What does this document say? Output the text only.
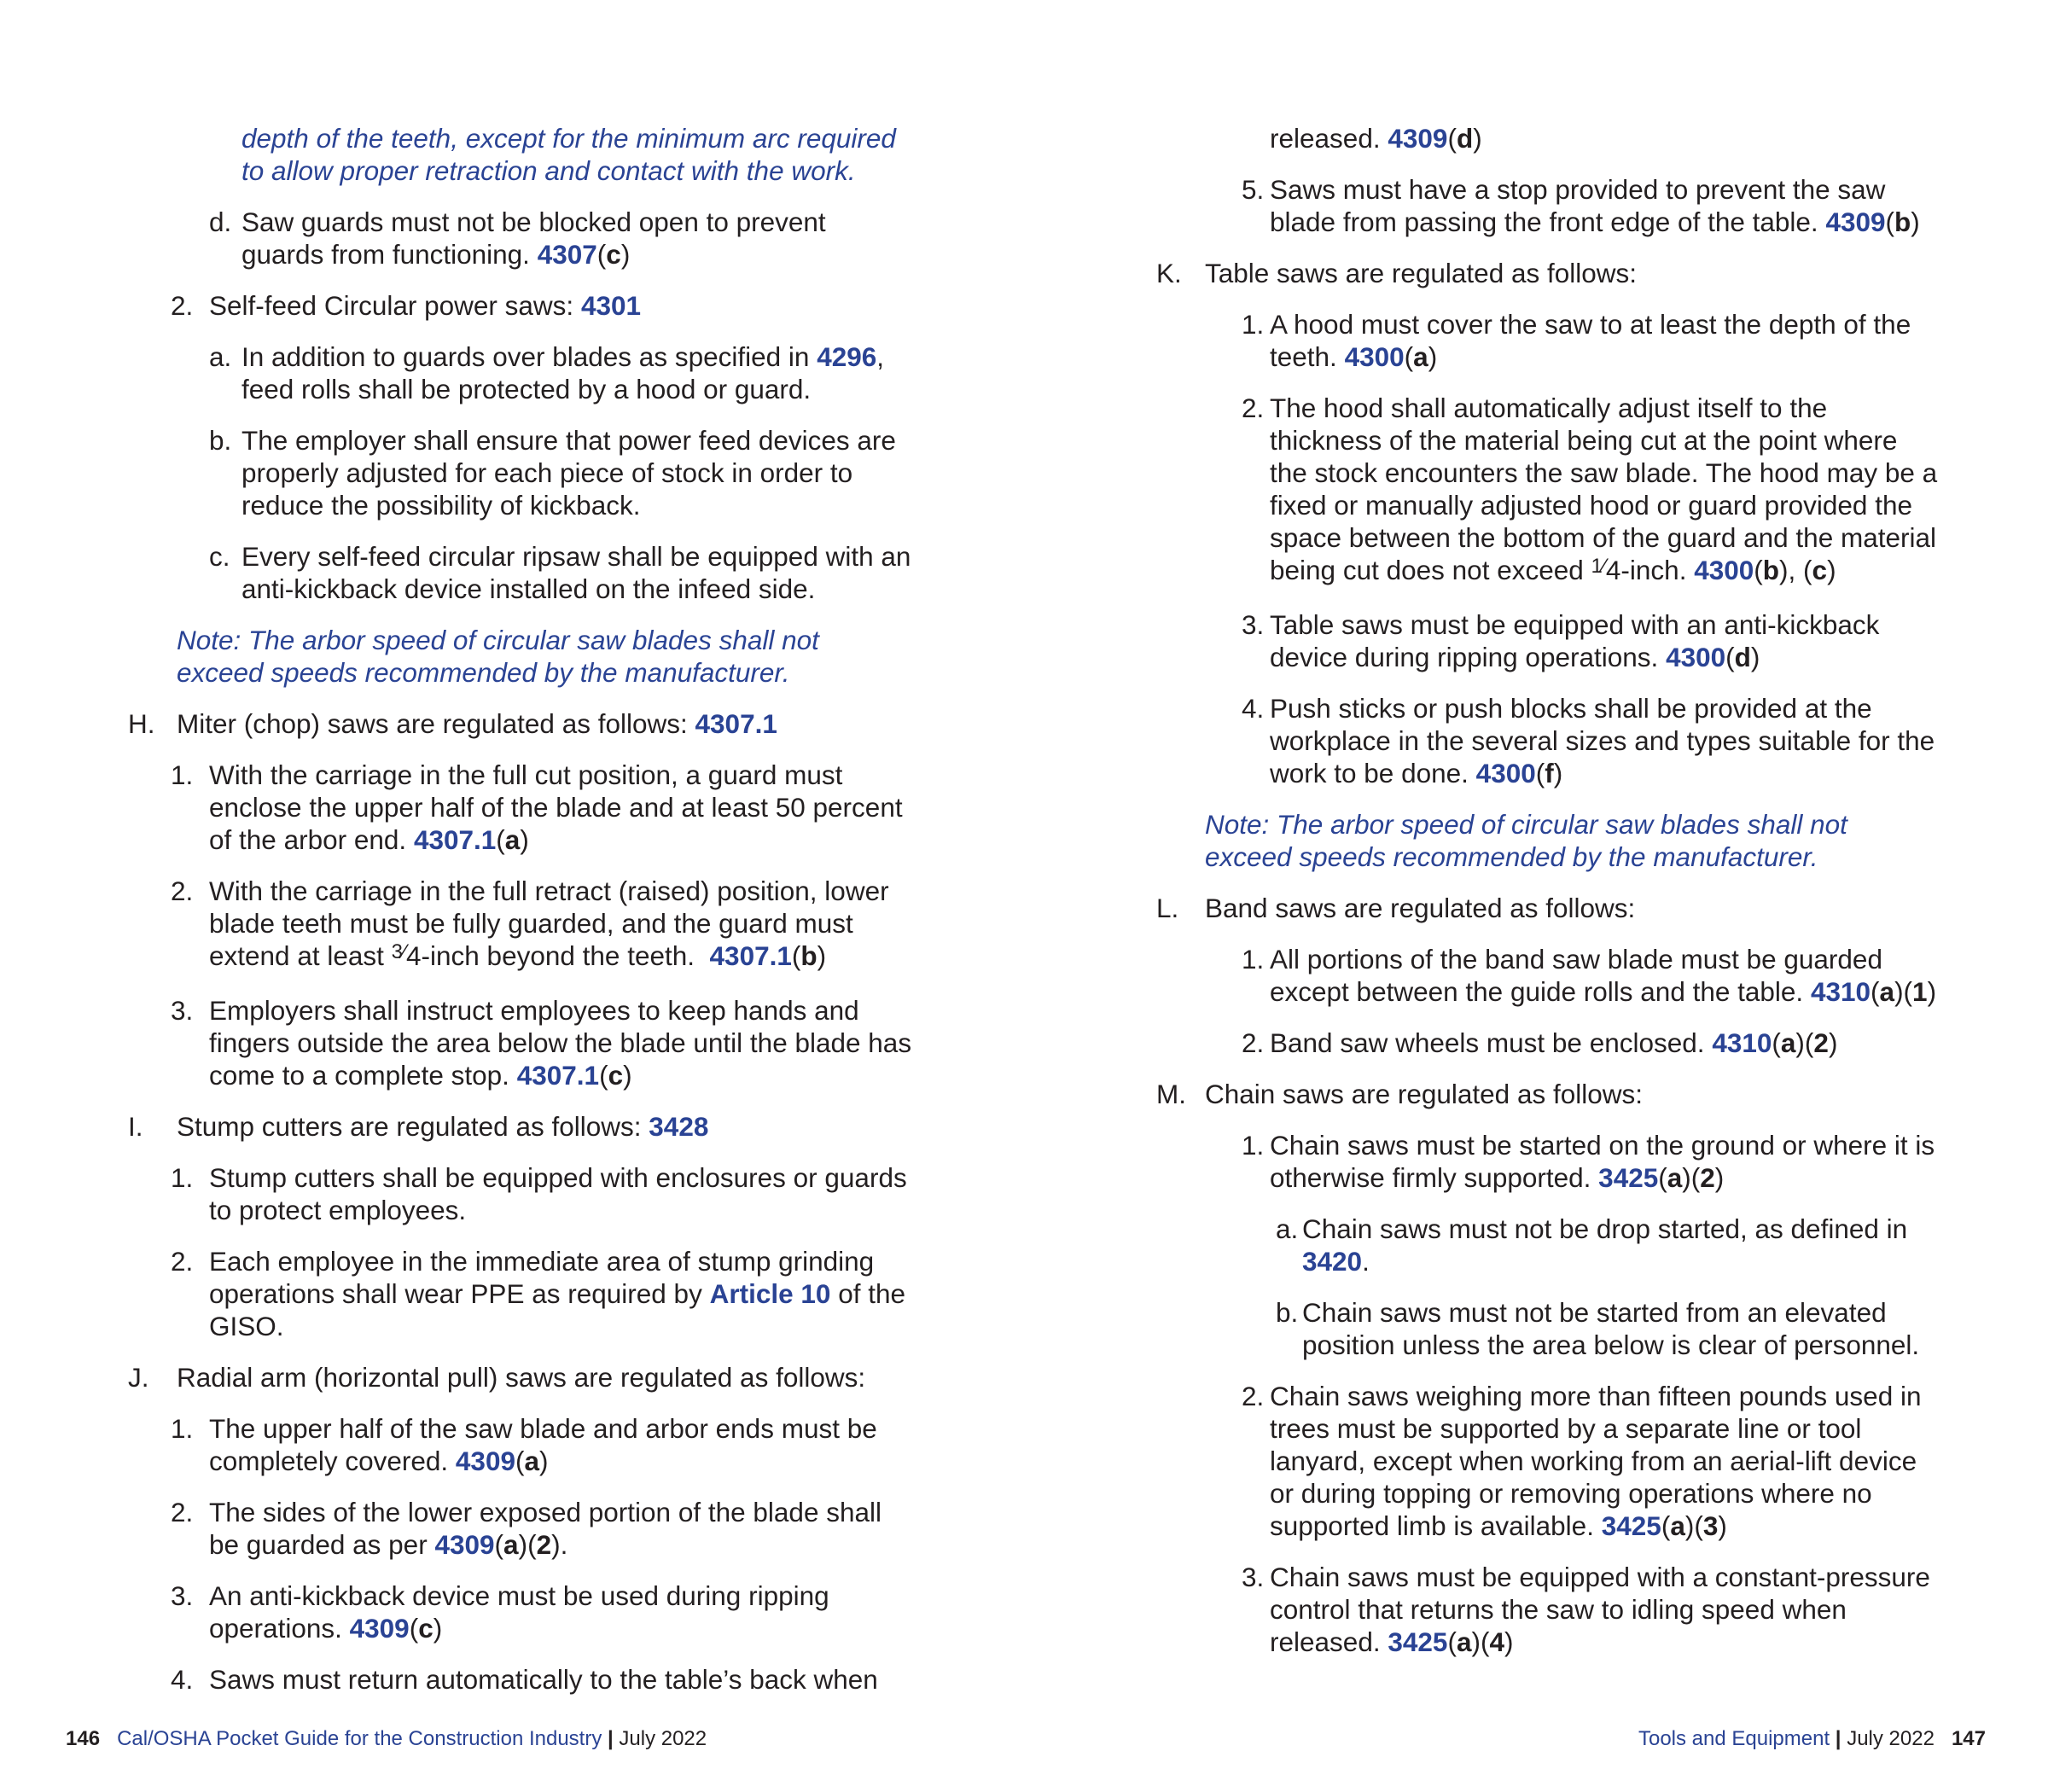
depth of the teeth, except for the minimum arc required to allow proper retraction and contact with the work.
d. Saw guards must not be blocked open to prevent guards from functioning. 4307(c)
2. Self-feed Circular power saws: 4301
a. In addition to guards over blades as specified in 4296, feed rolls shall be protected by a hood or guard.
b. The employer shall ensure that power feed devices are properly adjusted for each piece of stock in order to reduce the possibility of kickback.
c. Every self-feed circular ripsaw shall be equipped with an anti-kickback device installed on the infeed side.
Note: The arbor speed of circular saw blades shall not exceed speeds recommended by the manufacturer.
H. Miter (chop) saws are regulated as follows: 4307.1
1. With the carriage in the full cut position, a guard must enclose the upper half of the blade and at least 50 percent of the arbor end. 4307.1(a)
2. With the carriage in the full retract (raised) position, lower blade teeth must be fully guarded, and the guard must extend at least $^{3⁄}$4-inch beyond the teeth. 4307.1(b)
3. Employers shall instruct employees to keep hands and fingers outside the area below the blade until the blade has come to a complete stop. 4307.1(c)
I. Stump cutters are regulated as follows: 3428
1. Stump cutters shall be equipped with enclosures or guards to protect employees.
2. Each employee in the immediate area of stump grinding operations shall wear PPE as required by Article 10 of the GISO.
J. Radial arm (horizontal pull) saws are regulated as follows:
1. The upper half of the saw blade and arbor ends must be completely covered. 4309(a)
2. The sides of the lower exposed portion of the blade shall be guarded as per 4309(a)(2).
3. An anti-kickback device must be used during ripping operations. 4309(c)
4. Saws must return automatically to the table’s back when
released. 4309(d)
5. Saws must have a stop provided to prevent the saw blade from passing the front edge of the table. 4309(b)
K. Table saws are regulated as follows:
1. A hood must cover the saw to at least the depth of the teeth. 4300(a)
2. The hood shall automatically adjust itself to the thickness of the material being cut at the point where the stock encounters the saw blade. The hood may be a fixed or manually adjusted hood or guard provided the space between the bottom of the guard and the material being cut does not exceed $^{1⁄}$4-inch. 4300(b), (c)
3. Table saws must be equipped with an anti-kickback device during ripping operations. 4300(d)
4. Push sticks or push blocks shall be provided at the workplace in the several sizes and types suitable for the work to be done. 4300(f)
Note: The arbor speed of circular saw blades shall not exceed speeds recommended by the manufacturer.
L. Band saws are regulated as follows:
1. All portions of the band saw blade must be guarded except between the guide rolls and the table. 4310(a)(1)
2. Band saw wheels must be enclosed. 4310(a)(2)
M. Chain saws are regulated as follows:
1. Chain saws must be started on the ground or where it is otherwise firmly supported. 3425(a)(2)
a. Chain saws must not be drop started, as defined in 3420.
b. Chain saws must not be started from an elevated position unless the area below is clear of personnel.
2. Chain saws weighing more than fifteen pounds used in trees must be supported by a separate line or tool lanyard, except when working from an aerial-lift device or during topping or removing operations where no supported limb is available. 3425(a)(3)
3. Chain saws must be equipped with a constant-pressure control that returns the saw to idling speed when released. 3425(a)(4)
146 Cal/OSHA Pocket Guide for the Construction Industry | July 2022	Tools and Equipment | July 2022 147
